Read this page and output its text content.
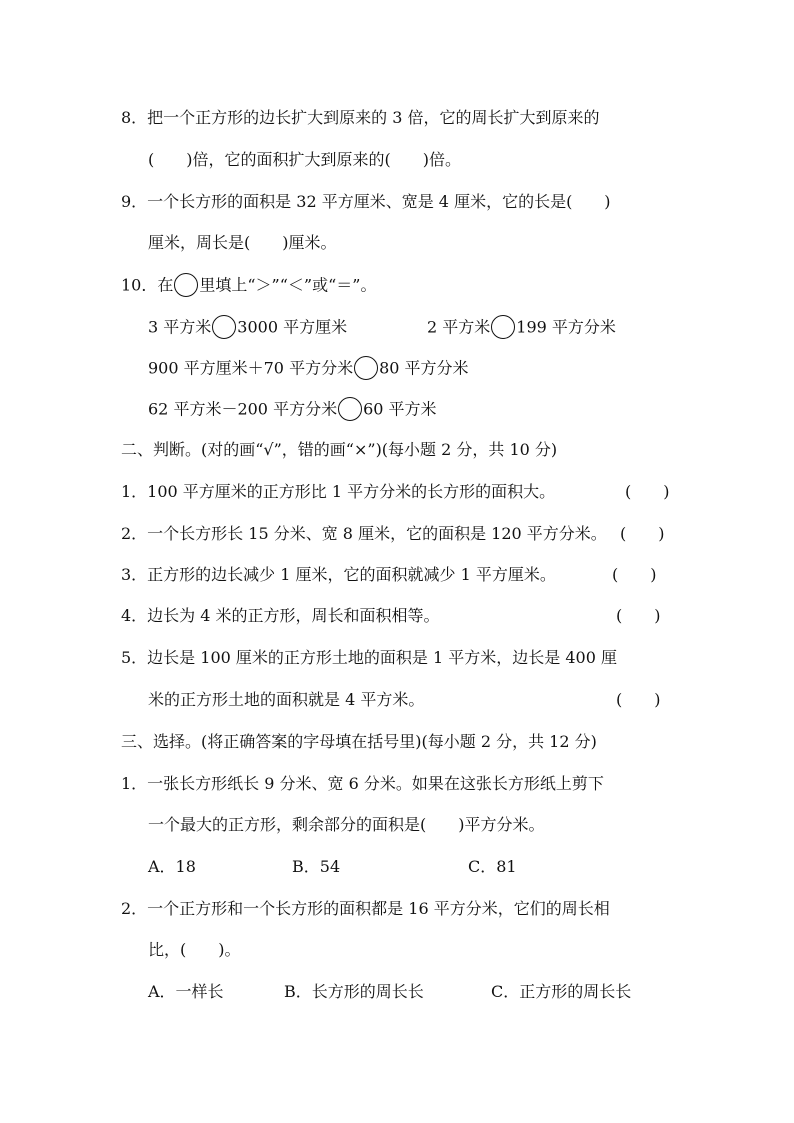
8．把一个正方形的边长扩大到原来的 3 倍，它的周长扩大到原来的
(　　)倍，它的面积扩大到原来的(　　)倍。
9．一个长方形的面积是 32 平方厘米、宽是 4 厘米，它的长是(　　)
厘米，周长是(　　)厘米。
10．在 里填上“＞”“＜”或“＝”。
3 平方米 3000 平方厘米	2 平方米 199 平方分米
900 平方厘米＋70 平方分米 80 平方分米
62 平方米－200 平方分米 60 平方米
二、判断。(对的画“√”，错的画“×”)(每小题 2 分，共 10 分)
1．100 平方厘米的正方形比 1 平方分米的长方形的面积大。	(　　)
2．一个长方形长 15 分米、宽 8 厘米，它的面积是 120 平方分米。 (　　)
3．正方形的边长减少 1 厘米，它的面积就减少 1 平方厘米。	(　　)
4．边长为 4 米的正方形，周长和面积相等。	(　　)
5．边长是 100 厘米的正方形土地的面积是 1 平方米，边长是 400 厘
米的正方形土地的面积就是 4 平方米。	(　　)
三、选择。(将正确答案的字母填在括号里)(每小题 2 分，共 12 分)
1．一张长方形纸长 9 分米、宽 6 分米。如果在这张长方形纸上剪下
一个最大的正方形，剩余部分的面积是(　　)平方分米。
A．18	B．54	C．81
2．一个正方形和一个长方形的面积都是 16 平方分米，它们的周长相
比，(　　)。
A．一样长	B．长方形的周长长	C．正方形的周长长
